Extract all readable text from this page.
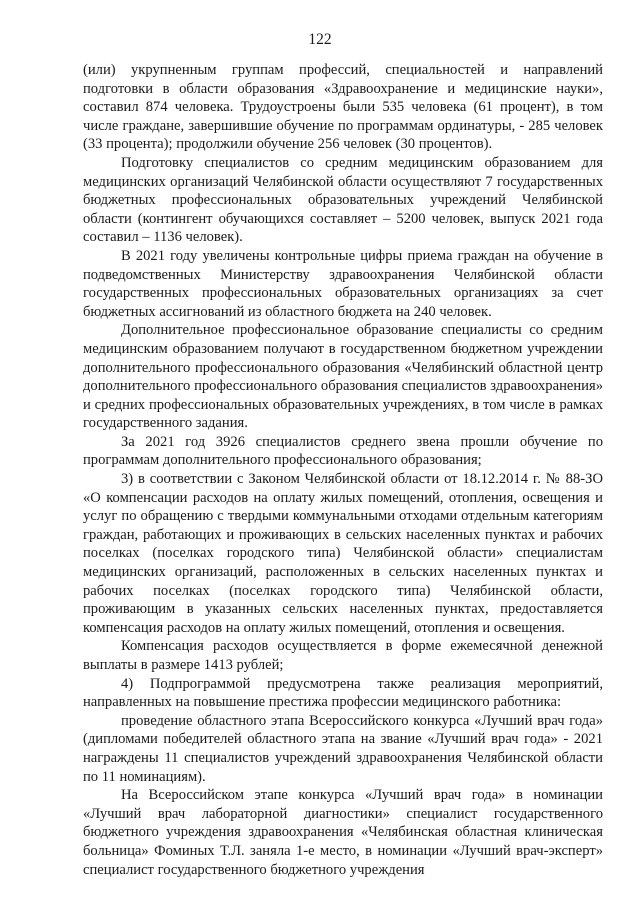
122

(или) укрупненным группам профессий, специальностей и направлений подготовки в области образования «Здравоохранение и медицинские науки», составил 874 человека. Трудоустроены были 535 человека (61 процент), в том числе граждане, завершившие обучение по программам ординатуры, - 285 человек (33 процента); продолжили обучение 256 человек (30 процентов).

Подготовку специалистов со средним медицинским образованием для медицинских организаций Челябинской области осуществляют 7 государственных бюджетных профессиональных образовательных учреждений Челябинской области (контингент обучающихся составляет – 5200 человек, выпуск 2021 года составил – 1136 человек).

В 2021 году увеличены контрольные цифры приема граждан на обучение в подведомственных Министерству здравоохранения Челябинской области государственных профессиональных образовательных организациях за счет бюджетных ассигнований из областного бюджета на 240 человек.

Дополнительное профессиональное образование специалисты со средним медицинским образованием получают в государственном бюджетном учреждении дополнительного профессионального образования «Челябинский областной центр дополнительного профессионального образования специалистов здравоохранения» и средних профессиональных образовательных учреждениях, в том числе в рамках государственного задания.

За 2021 год 3926 специалистов среднего звена прошли обучение по программам дополнительного профессионального образования;

3) в соответствии с Законом Челябинской области от 18.12.2014 г. № 88-ЗО «О компенсации расходов на оплату жилых помещений, отопления, освещения и услуг по обращению с твердыми коммунальными отходами отдельным категориям граждан, работающих и проживающих в сельских населенных пунктах и рабочих поселках (поселках городского типа) Челябинской области» специалистам медицинских организаций, расположенных в сельских населенных пунктах и рабочих поселках (поселках городского типа) Челябинской области, проживающим в указанных сельских населенных пунктах, предоставляется компенсация расходов на оплату жилых помещений, отопления и освещения.

Компенсация расходов осуществляется в форме ежемесячной денежной выплаты в размере 1413 рублей;

4) Подпрограммой предусмотрена также реализация мероприятий, направленных на повышение престижа профессии медицинского работника:

проведение областного этапа Всероссийского конкурса «Лучший врач года» (дипломами победителей областного этапа на звание «Лучший врач года» - 2021 награждены 11 специалистов учреждений здравоохранения Челябинской области по 11 номинациям).

На Всероссийском этапе конкурса «Лучший врач года» в номинации «Лучший врач лабораторной диагностики» специалист государственного бюджетного учреждения здравоохранения «Челябинская областная клиническая больница» Фоминых Т.Л. заняла 1-е место, в номинации «Лучший врач-эксперт» специалист государственного бюджетного учреждения
